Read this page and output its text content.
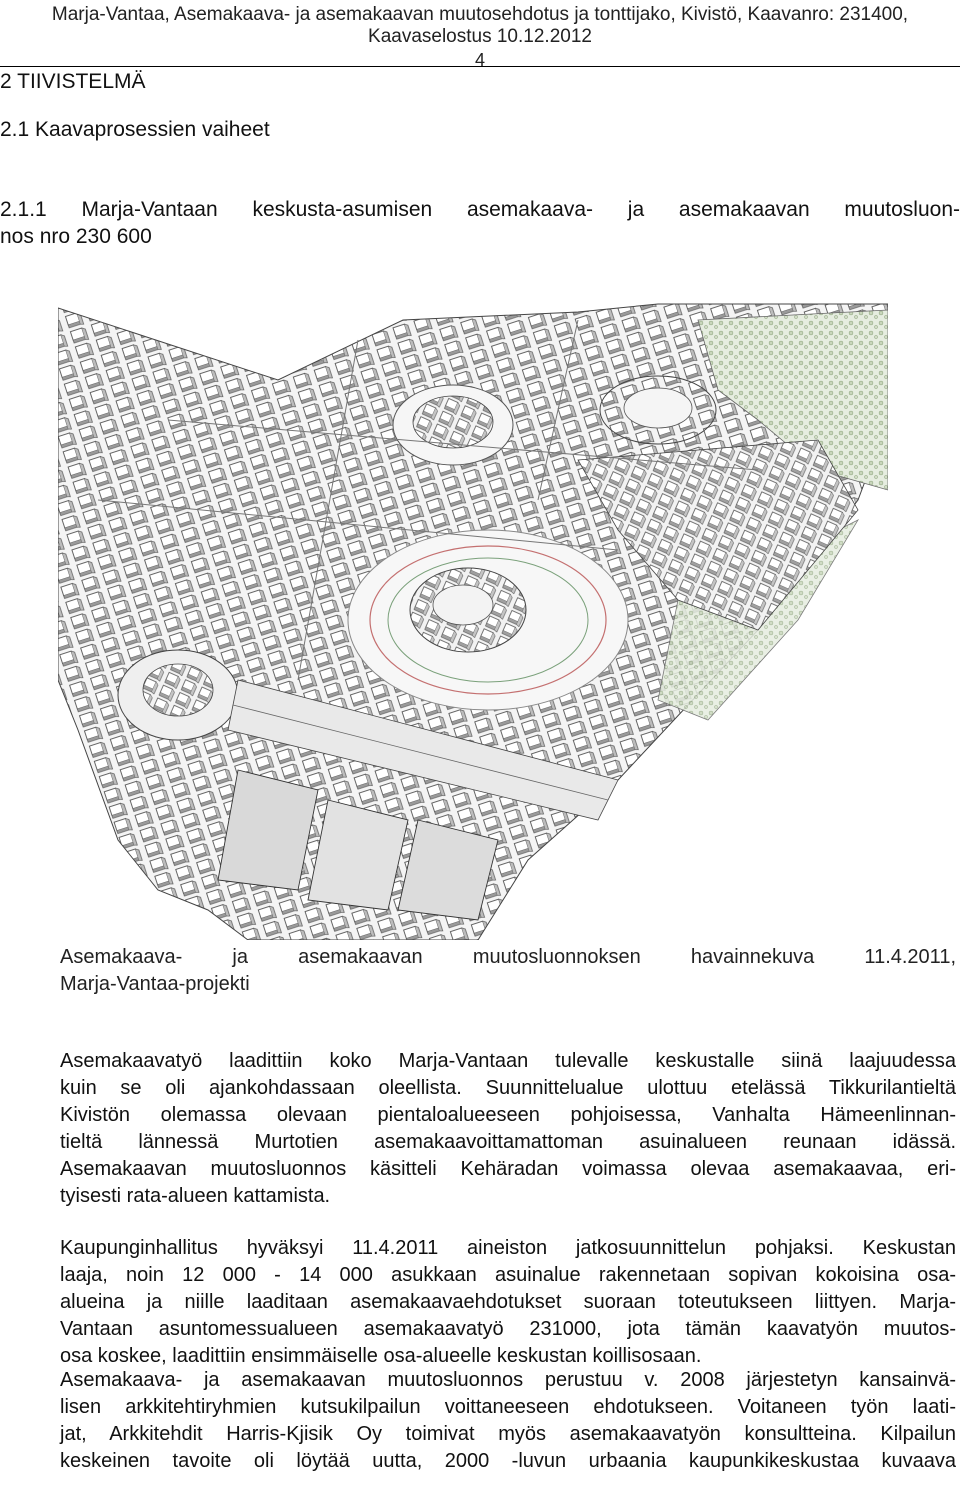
Marja-Vantaa, Asemakaava- ja asemakaavan muutosehdotus ja tonttijako, Kivistö, Kaavanro: 231400,
Kaavaselostus 10.12.2012
4
2 TIIVISTELMÄ
2.1 Kaavaprosessien vaiheet
2.1.1 Marja-Vantaan keskusta-asumisen asemakaava- ja asemakaavan muutosluon-
nos nro 230 600
Asemakaava- ja asemakaavan muutosluonnoksen havainnekuva 11.4.2011,
Marja-Vantaa-projekti
Asemakaavatyö laadittiin koko Marja-Vantaan tulevalle keskustalle siinä laajuudessa
kuin se oli ajankohdassaan oleellista. Suunnittelualue ulottuu etelässä Tikkurilantieltä
Kivistön olemassa olevaan pientaloalueeseen pohjoisessa, Vanhalta Hämeenlinnan-
tieltä lännessä Murtotien asemakaavoittamattoman asuinalueen reunaan idässä.
Asemakaavan muutosluonnos käsitteli Kehäradan voimassa olevaa asemakaavaa, eri-
tyisesti rata-alueen kattamista.
Kaupunginhallitus hyväksyi 11.4.2011 aineiston jatkosuunnittelun pohjaksi. Keskustan
laaja, noin 12 000 - 14 000 asukkaan asuinalue rakennetaan sopivan kokoisina osa-
alueina ja niille laaditaan asemakaavaehdotukset suoraan toteutukseen liittyen. Marja-
Vantaan asuntomessualueen asemakaavatyö 231000, jota tämän kaavatyön muutos-
osa koskee, laadittiin ensimmäiselle osa-alueelle keskustan koillisosaan.
Asemakaava- ja asemakaavan muutosluonnos perustuu v. 2008 järjestetyn kansainvä-
lisen arkkitehtiryhmien kutsukilpailun voittaneeseen ehdotukseen. Voitaneen työn laati-
jat, Arkkitehdit Harris-Kjisik Oy toimivat myös asemakaavatyön konsultteina. Kilpailun
keskeinen tavoite oli löytää uutta, 2000 -luvun urbaania kaupunkikeskustaa kuvaava
